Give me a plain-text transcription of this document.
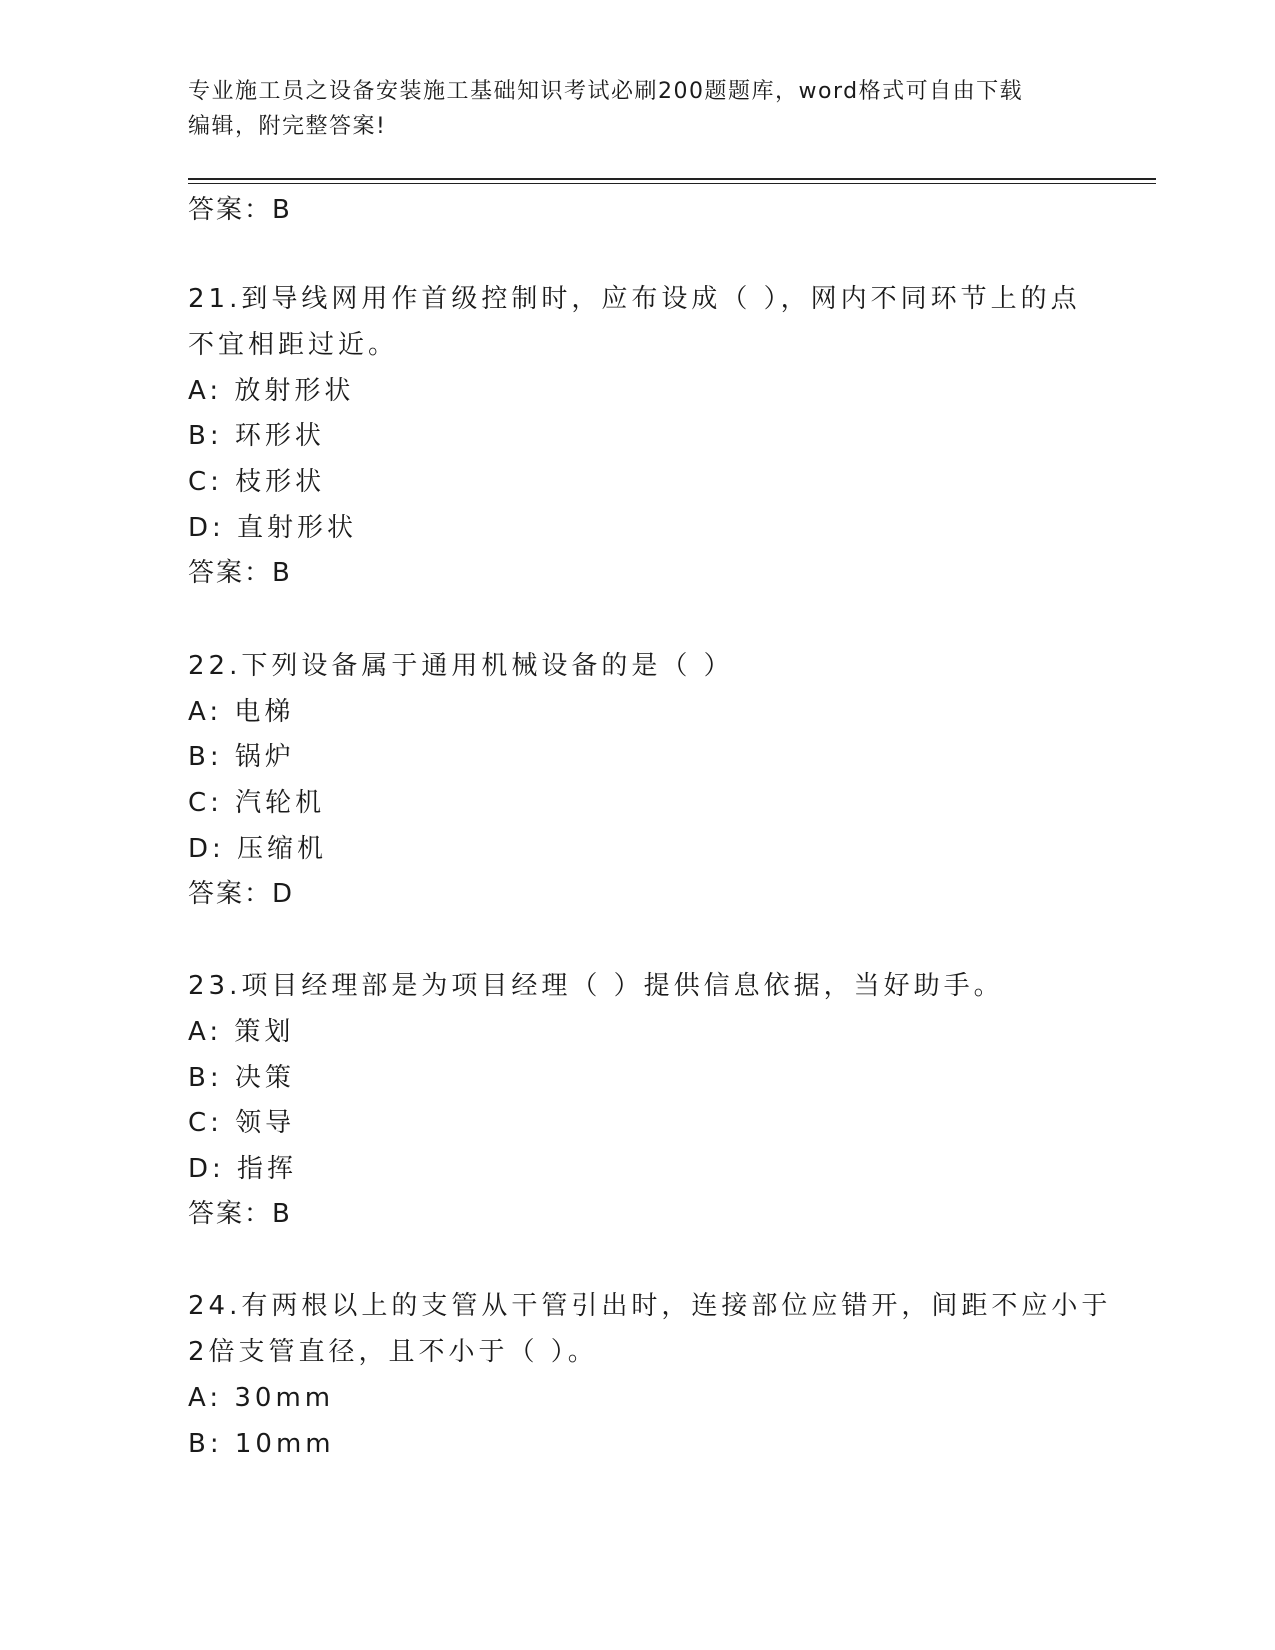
专业施工员之设备安装施工基础知识考试必刷200题题库，word格式可自由下载
编辑，附完整答案!
答案：B
21.到导线网用作首级控制时，应布设成（ ），网内不同环节上的点
不宜相距过近。
A: 放射形状
B: 环形状
C: 枝形状
D: 直射形状
答案：B
22.下列设备属于通用机械设备的是（ ）
A: 电梯
B: 锅炉
C: 汽轮机
D: 压缩机
答案：D
23.项目经理部是为项目经理（ ）提供信息依据，当好助手。
A: 策划
B: 决策
C: 领导
D: 指挥
答案：B
24.有两根以上的支管从干管引出时，连接部位应错开，间距不应小于
2倍支管直径，且不小于（ ）。
A: 30mm
B: 10mm
